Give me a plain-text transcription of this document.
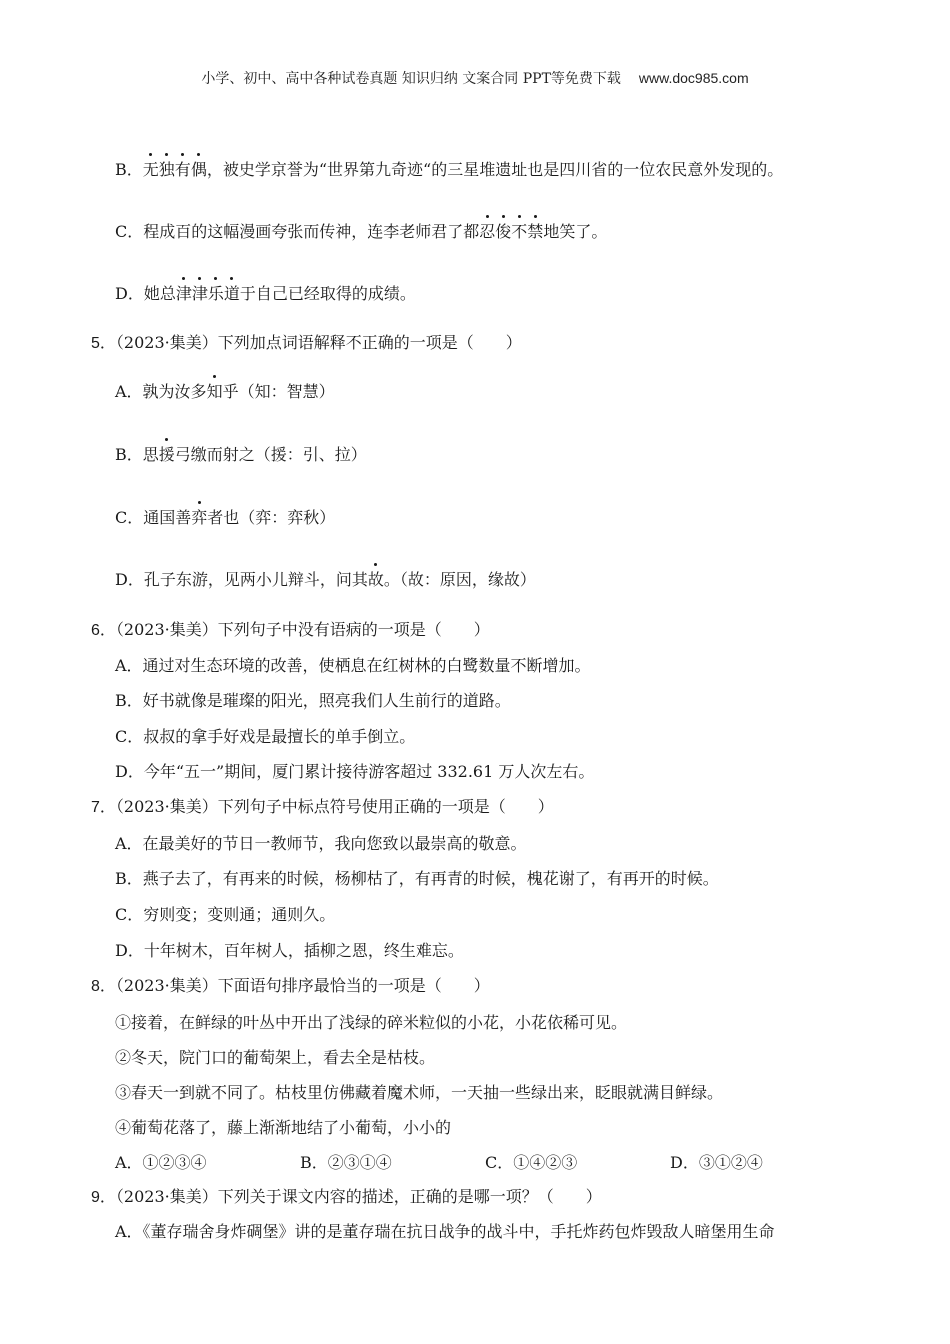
小学、初中、高中各种试卷真题 知识归纳 文案合同 PPT等免费下载 www.doc985.com
B．无独有偶，被史学京誉为“世界第九奇迹“的三星堆遗址也是四川省的一位农民意外发现的。
C．程成百的这幅漫画夸张而传神，连李老师君了都忍俊不禁地笑了。
D．她总津津乐道于自己已经取得的成绩。
5．（2023·集美）下列加点词语解释不正确的一项是（　　）
A．孰为汝多知乎（知：智慧）
B．思援弓缴而射之（援：引、拉）
C．通国善弈者也（弈：弈秋）
D．孔子东游，见两小儿辩斗，问其故。（故：原因，缘故）
6．（2023·集美）下列句子中没有语病的一项是（　　）
A．通过对生态环境的改善，使栖息在红树林的白鹭数量不断增加。
B．好书就像是璀璨的阳光，照亮我们人生前行的道路。
C．叔叔的拿手好戏是最擅长的单手倒立。
D．今年“五一”期间，厦门累计接待游客超过 332.61 万人次左右。
7．（2023·集美）下列句子中标点符号使用正确的一项是（　　）
A．在最美好的节日一教师节，我向您致以最崇高的敬意。
B．燕子去了，有再来的时候，杨柳枯了，有再青的时候，槐花谢了，有再开的时候。
C．穷则变；变则通；通则久。
D．十年树木，百年树人，插柳之恩，终生难忘。
8．（2023·集美）下面语句排序最恰当的一项是（　　）
①接着，在鲜绿的叶丛中开出了浅绿的碎米粒似的小花，小花依稀可见。
②冬天，院门口的葡萄架上，看去全是枯枝。
③春天一到就不同了。枯枝里仿佛藏着魔术师，一天抽一些绿出来，眨眼就满目鲜绿。
④葡萄花落了，藤上渐渐地结了小葡萄，小小的
A．①②③④	B．②③①④	C．①④②③	D．③①②④
9．（2023·集美）下列关于课文内容的描述，正确的是哪一项？（　　）
A．《董存瑞舍身炸碉堡》讲的是董存瑞在抗日战争的战斗中，手托炸药包炸毁敌人暗堡用生命
